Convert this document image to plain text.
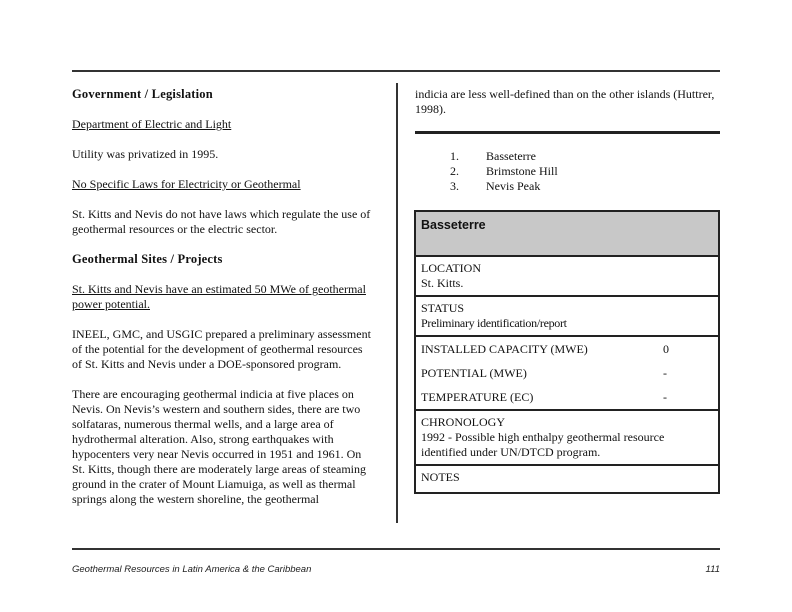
Government / Legislation

Department of Electric and Light

Utility was privatized in 1995.

No Specific Laws for Electricity or Geothermal

St. Kitts and Nevis do not have laws which regulate the use of geothermal resources or the electric sector.

Geothermal Sites / Projects

St. Kitts and Nevis have an estimated 50 MWe of geothermal power potential.

INEEL, GMC, and USGIC prepared a preliminary assessment of the potential for the development of geothermal resources of St. Kitts and Nevis under a DOE-sponsored program.

There are encouraging geothermal indicia at five places on Nevis. On Nevis’s western and southern sides, there are two solfataras, numerous thermal wells, and a large area of hydrothermal alteration. Also, strong earthquakes with hypocenters very near Nevis occurred in 1951 and 1961. On St. Kitts, though there are moderately large areas of steaming ground in the crater of Mount Liamuiga, as well as thermal springs along the western shoreline, the geothermal

indicia are less well-defined than on the other islands (Huttrer, 1998).

1.	Basseterre
2.	Brimstone Hill
3.	Nevis Peak
Basseterre

LOCATION
St. Kitts.

STATUS
Preliminary identification/report

INSTALLED CAPACITY (MWE)	0
POTENTIAL (MWE)	-
TEMPERATURE (ЕC)	-

CHRONOLOGY
1992 - Possible high enthalpy geothermal resource identified under UN/DTCD program.

NOTES
Geothermal Resources in Latin America & the Caribbean	111
